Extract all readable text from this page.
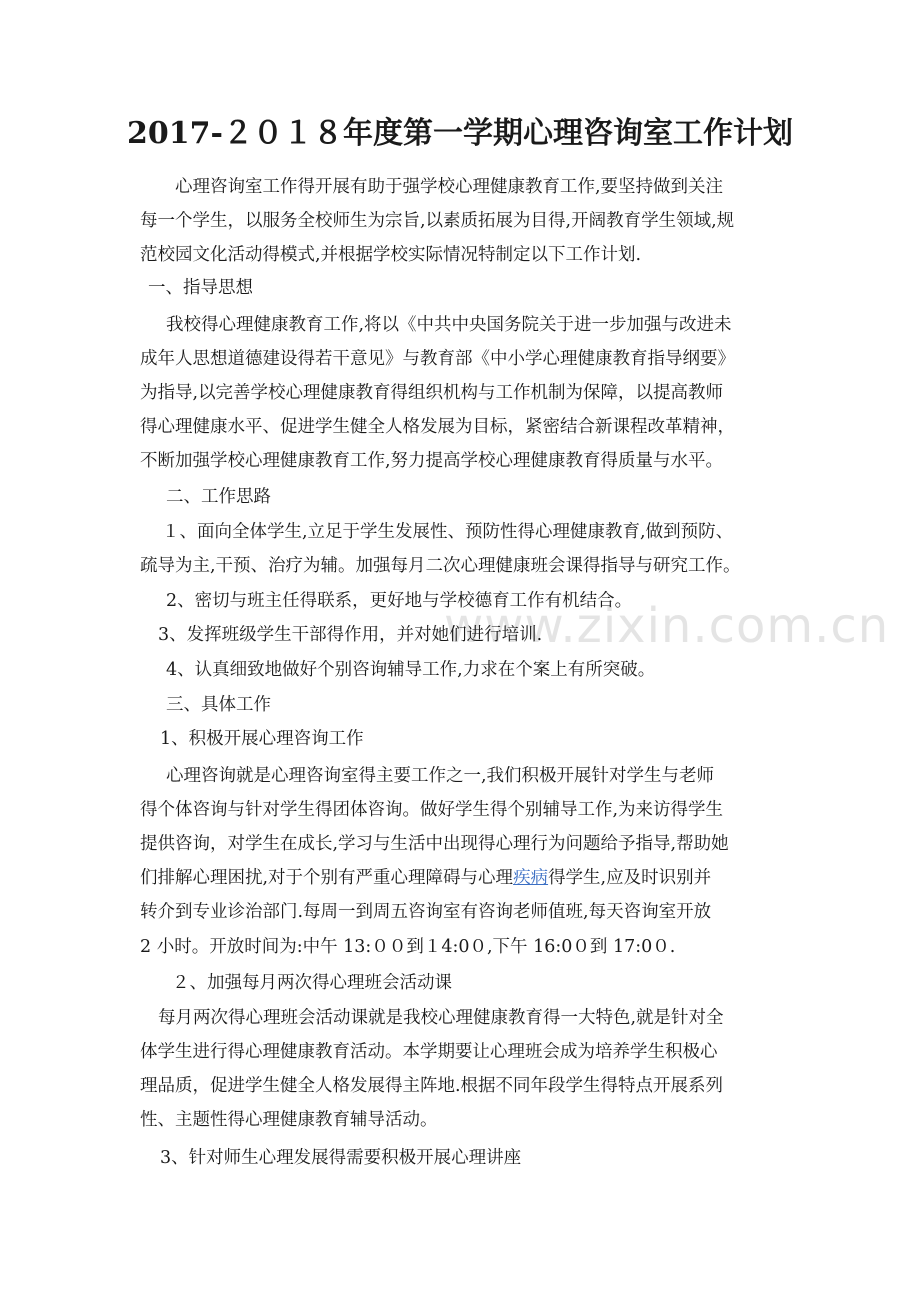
www.zixin.com.cn
2017-２０１８年度第一学期心理咨询室工作计划
心理咨询室工作得开展有助于强学校心理健康教育工作,要坚持做到关注
每一个学生，以服务全校师生为宗旨,以素质拓展为目得,开阔教育学生领域,规
范校园文化活动得模式,并根据学校实际情况特制定以下工作计划.
一、指导思想
我校得心理健康教育工作,将以《中共中央国务院关于进一步加强与改进未
成年人思想道德建设得若干意见》与教育部《中小学心理健康教育指导纲要》
为指导,以完善学校心理健康教育得组织机构与工作机制为保障，以提高教师
得心理健康水平、促进学生健全人格发展为目标，紧密结合新课程改革精神，
不断加强学校心理健康教育工作,努力提高学校心理健康教育得质量与水平。
二、工作思路
１、面向全体学生,立足于学生发展性、预防性得心理健康教育,做到预防、
疏导为主,干预、治疗为辅。加强每月二次心理健康班会课得指导与研究工作。
2、密切与班主任得联系，更好地与学校德育工作有机结合。
3、发挥班级学生干部得作用，并对她们进行培训.
4、认真细致地做好个别咨询辅导工作,力求在个案上有所突破。
三、具体工作
1、积极开展心理咨询工作
心理咨询就是心理咨询室得主要工作之一,我们积极开展针对学生与老师
得个体咨询与针对学生得团体咨询。做好学生得个别辅导工作,为来访得学生
提供咨询，对学生在成长,学习与生活中出现得心理行为问题给予指导,帮助她
们排解心理困扰,对于个别有严重心理障碍与心理疾病得学生,应及时识别并
转介到专业诊治部门.每周一到周五咨询室有咨询老师值班,每天咨询室开放
2 小时。开放时间为:中午 13:００到１4:0０,下午 16:0０到 17:0０.
２、加强每月两次得心理班会活动课
每月两次得心理班会活动课就是我校心理健康教育得一大特色,就是针对全
体学生进行得心理健康教育活动。本学期要让心理班会成为培养学生积极心
理品质，促进学生健全人格发展得主阵地.根据不同年段学生得特点开展系列
性、主题性得心理健康教育辅导活动。
3、针对师生心理发展得需要积极开展心理讲座
